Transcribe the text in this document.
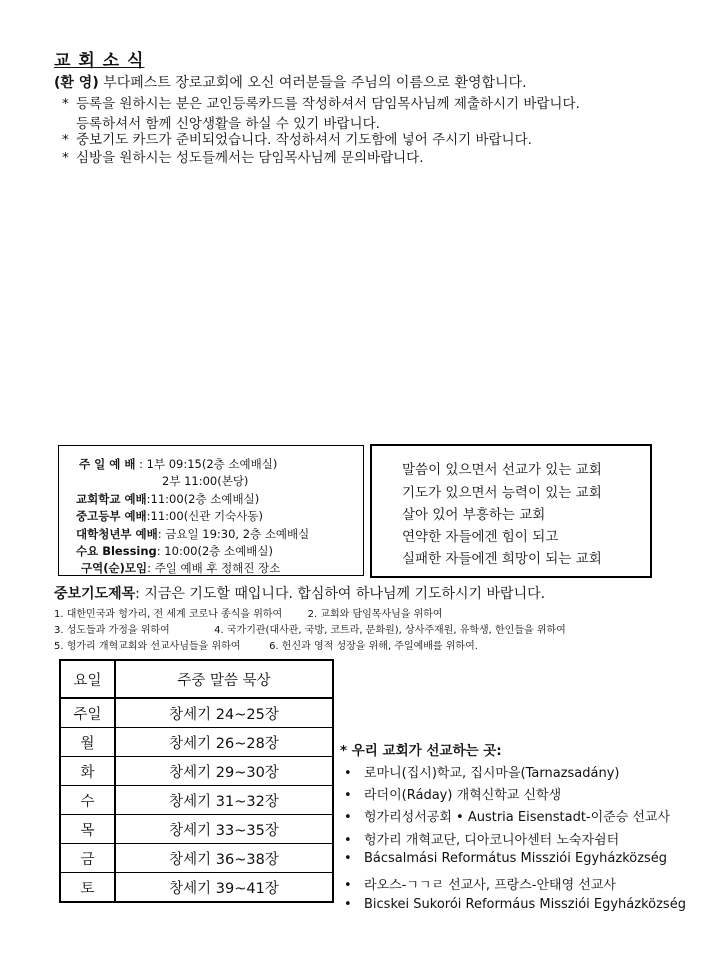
교 회 소 식
(환 영) 부다페스트 장로교회에 오신 여러분들을 주님의 이름으로 환영합니다.
* 등록을 원하시는 분은 교인등록카드를 작성하셔서 담임목사님께 제출하시기 바랍니다.
등록하셔서 함께 신앙생활을 하실 수 있기 바랍니다.
* 중보기도 카드가 준비되었습니다. 작성하셔서 기도함에 넣어 주시기 바랍니다.
* 심방을 원하시는 성도들께서는 담임목사님께 문의바랍니다.
주 일 예 배 : 1부 09:15(2층 소예배실)
2부 11:00(본당)
교회학교 예배:11:00(2층 소예배실)
중고등부 예배:11:00(신관 기숙사동)
대학청년부 예배: 금요일 19:30, 2층 소예배실
수요 Blessing: 10:00(2층 소예배실)
구역(순)모임: 주일 예배 후 정해진 장소
말씀이 있으면서 선교가 있는 교회
기도가 있으면서 능력이 있는 교회
살아 있어 부흥하는 교회
연약한 자들에겐 힘이 되고
실패한 자들에겐 희망이 되는 교회
중보기도제목: 지금은 기도할 때입니다. 합심하여 하나님께 기도하시기 바랍니다.
1. 대한민국과 헝가리, 전 세계 코로나 종식을 위하여        2. 교회와 담임목사님을 위하여
3. 성도들과 가정을 위하여              4. 국가기관(대사관, 국방, 코트라, 문화원), 상사주재원, 유학생, 한인들을 위하여
5. 헝가리 개혁교회와 선교사님들을 위하여         6. 헌신과 영적 성장을 위해, 주일예배를 위하여.
요일	주중 말씀 묵상
주일	창세기 24~25장
월	창세기 26~28장
화	창세기 29~30장
수	창세기 31~32장
목	창세기 33~35장
금	창세기 36~38장
토	창세기 39~41장
* 우리 교회가 선교하는 곳:
• 로마니(집시)학교, 집시마을(Tarnazsadány)
• 라더이(Ráday) 개혁신학교 신학생
• 헝가리성서공회 • Austria Eisenstadt-이준승 선교사
• 헝가리 개혁교단, 디아코니아센터 노숙자쉼터
• Bácsalmási Református Missziói Egyházközség
• 라오스-ㄱㄱㄹ 선교사, 프랑스-안태영 선교사
• Bicskei Sukorói Reformáus Missziói Egyházközség
